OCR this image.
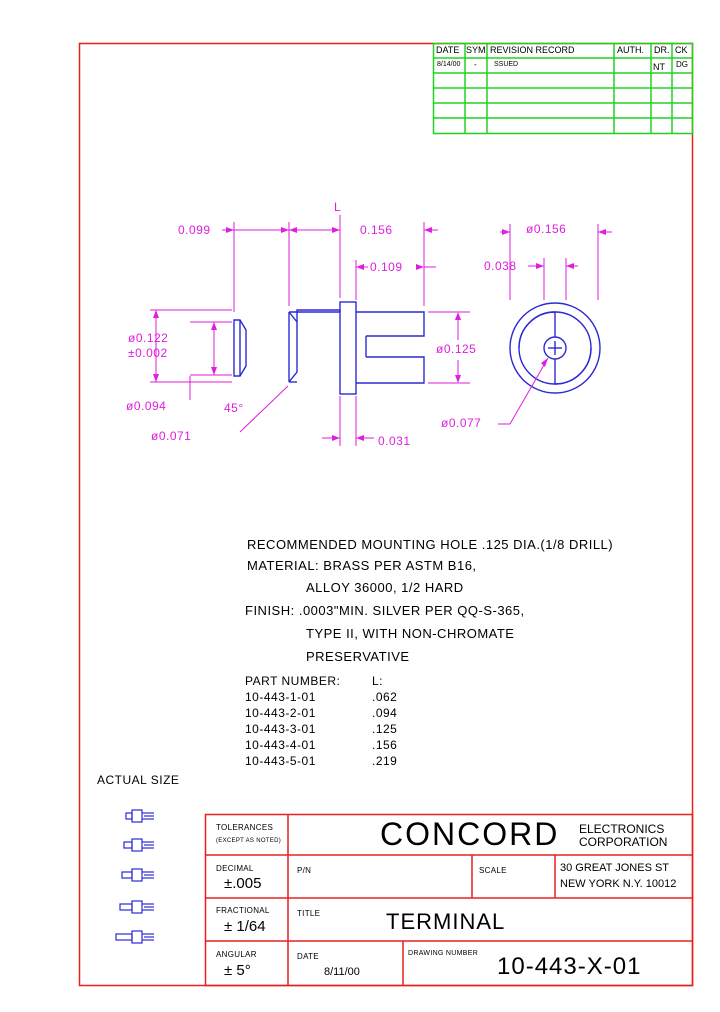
DATE SYM REVISION RECORD	AUTH. DR. CK
8/14/00 - SSUED	NT DG
L
0.099	0.156
0.109
ø0.156
0.038
ø0.122
±0.002	ø0.125
ø0.094	45°
ø0.071	0.031
ø0.077
RECOMMENDED MOUNTING HOLE .125 DIA.(1/8 DRILL)
MATERIAL: BRASS PER ASTM B16,
ALLOY 36000, 1/2 HARD
FINISH: .0003"MIN. SILVER PER QQ-S-365,
TYPE II, WITH NON-CHROMATE
PRESERVATIVE
PART NUMBER:	L:
10-443-1-01	.062
10-443-2-01	.094
10-443-3-01	.125
10-443-4-01	.156
10-443-5-01	.219
ACTUAL SIZE
TOLERANCES
(EXCEPT AS NOTED)	CONCORD ELECTRONICS
CORPORATION
DECIMAL
±.005
P/N	SCALE	30 GREAT JONES ST
NEW YORK N.Y. 10012
FRACTIONAL
± 1/64
TITLE	TERMINAL
ANGULAR
± 5°
DATE
8/11/00
DRAWING NUMBER 10-443-X-01
